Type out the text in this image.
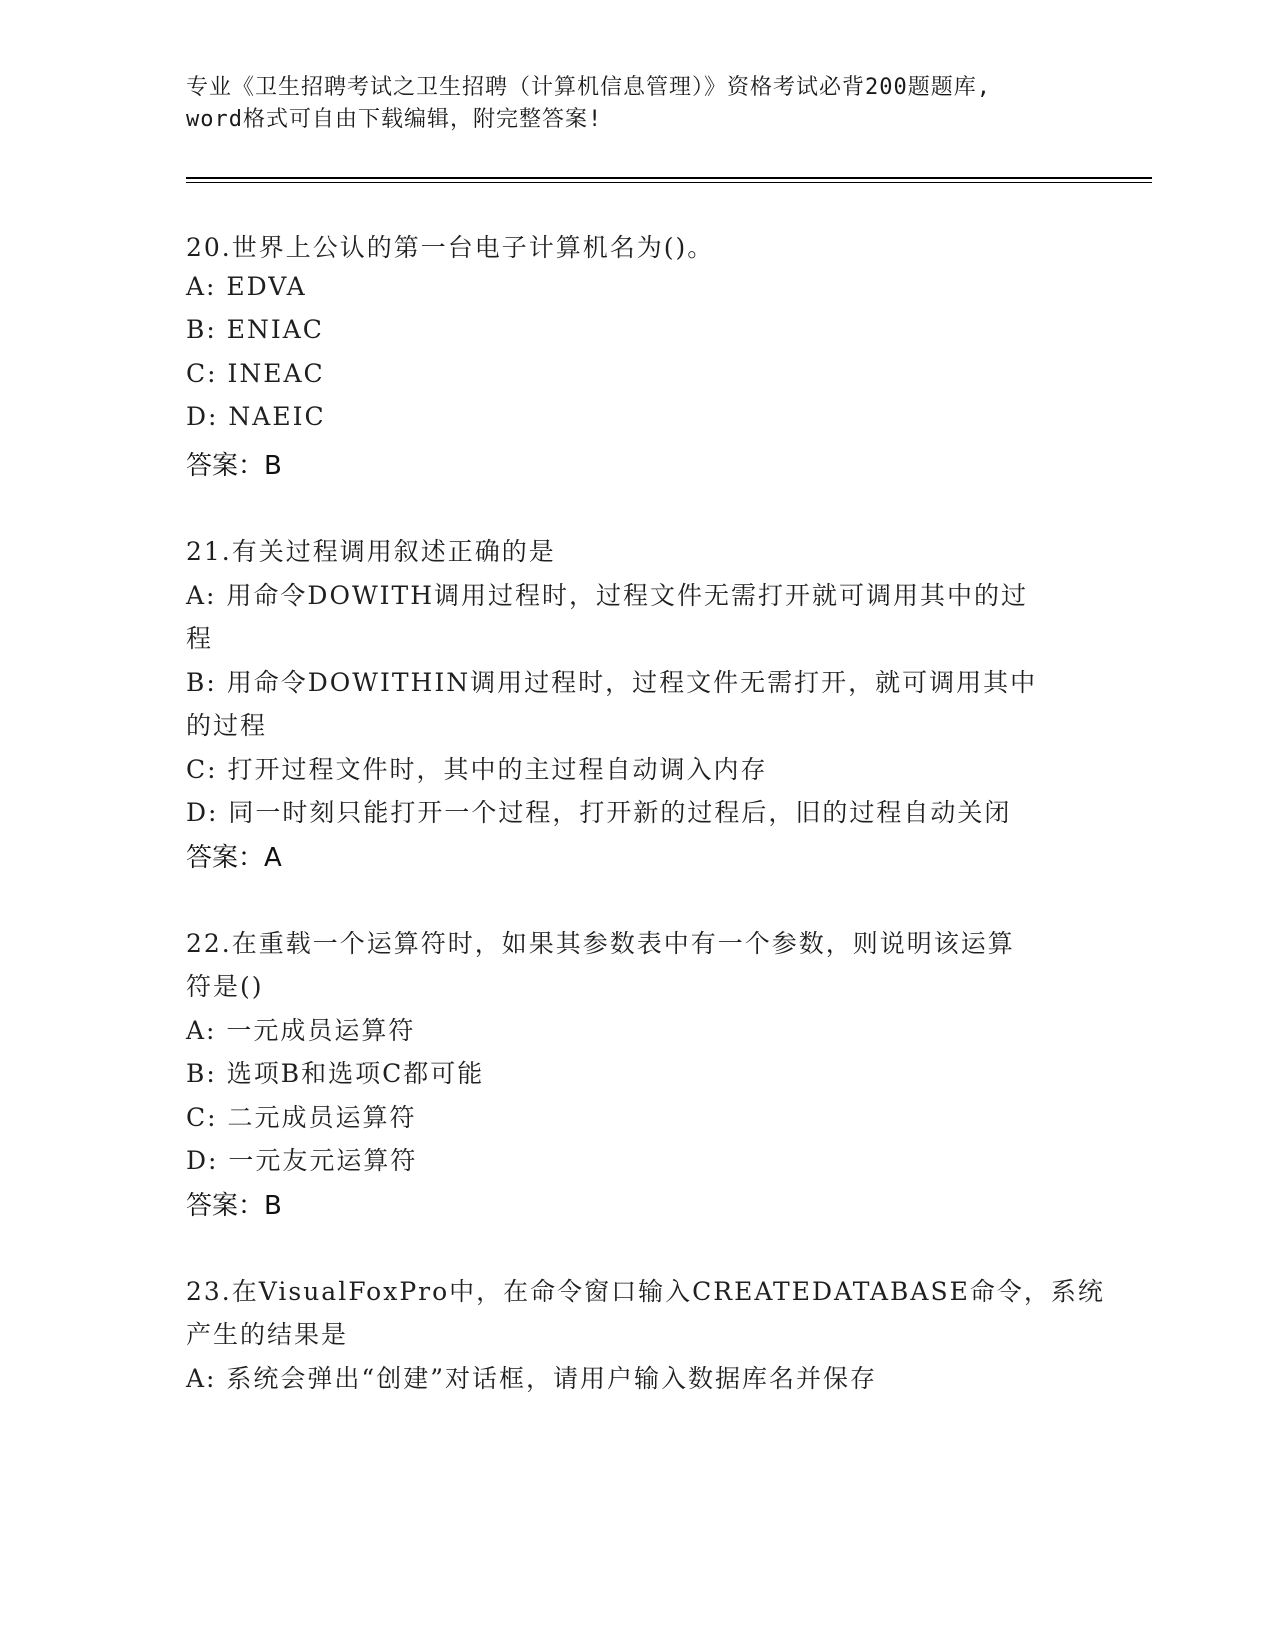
专业《卫生招聘考试之卫生招聘（计算机信息管理）》资格考试必背200题题库,
word格式可自由下载编辑，附完整答案!
20.世界上公认的第一台电子计算机名为()。
A: EDVA
B: ENIAC
C: INEAC
D: NAEIC
答案：B
21.有关过程调用叙述正确的是
A: 用命令DOWITH调用过程时，过程文件无需打开就可调用其中的过
程
B: 用命令DOWITHIN调用过程时，过程文件无需打开，就可调用其中
的过程
C: 打开过程文件时，其中的主过程自动调入内存
D: 同一时刻只能打开一个过程，打开新的过程后，旧的过程自动关闭
答案：A
22.在重载一个运算符时，如果其参数表中有一个参数，则说明该运算
符是()
A: 一元成员运算符
B: 选项B和选项C都可能
C: 二元成员运算符
D: 一元友元运算符
答案：B
23.在VisualFoxPro中，在命令窗口输入CREATEDATABASE命令，系统
产生的结果是
A: 系统会弹出“创建”对话框，请用户输入数据库名并保存
